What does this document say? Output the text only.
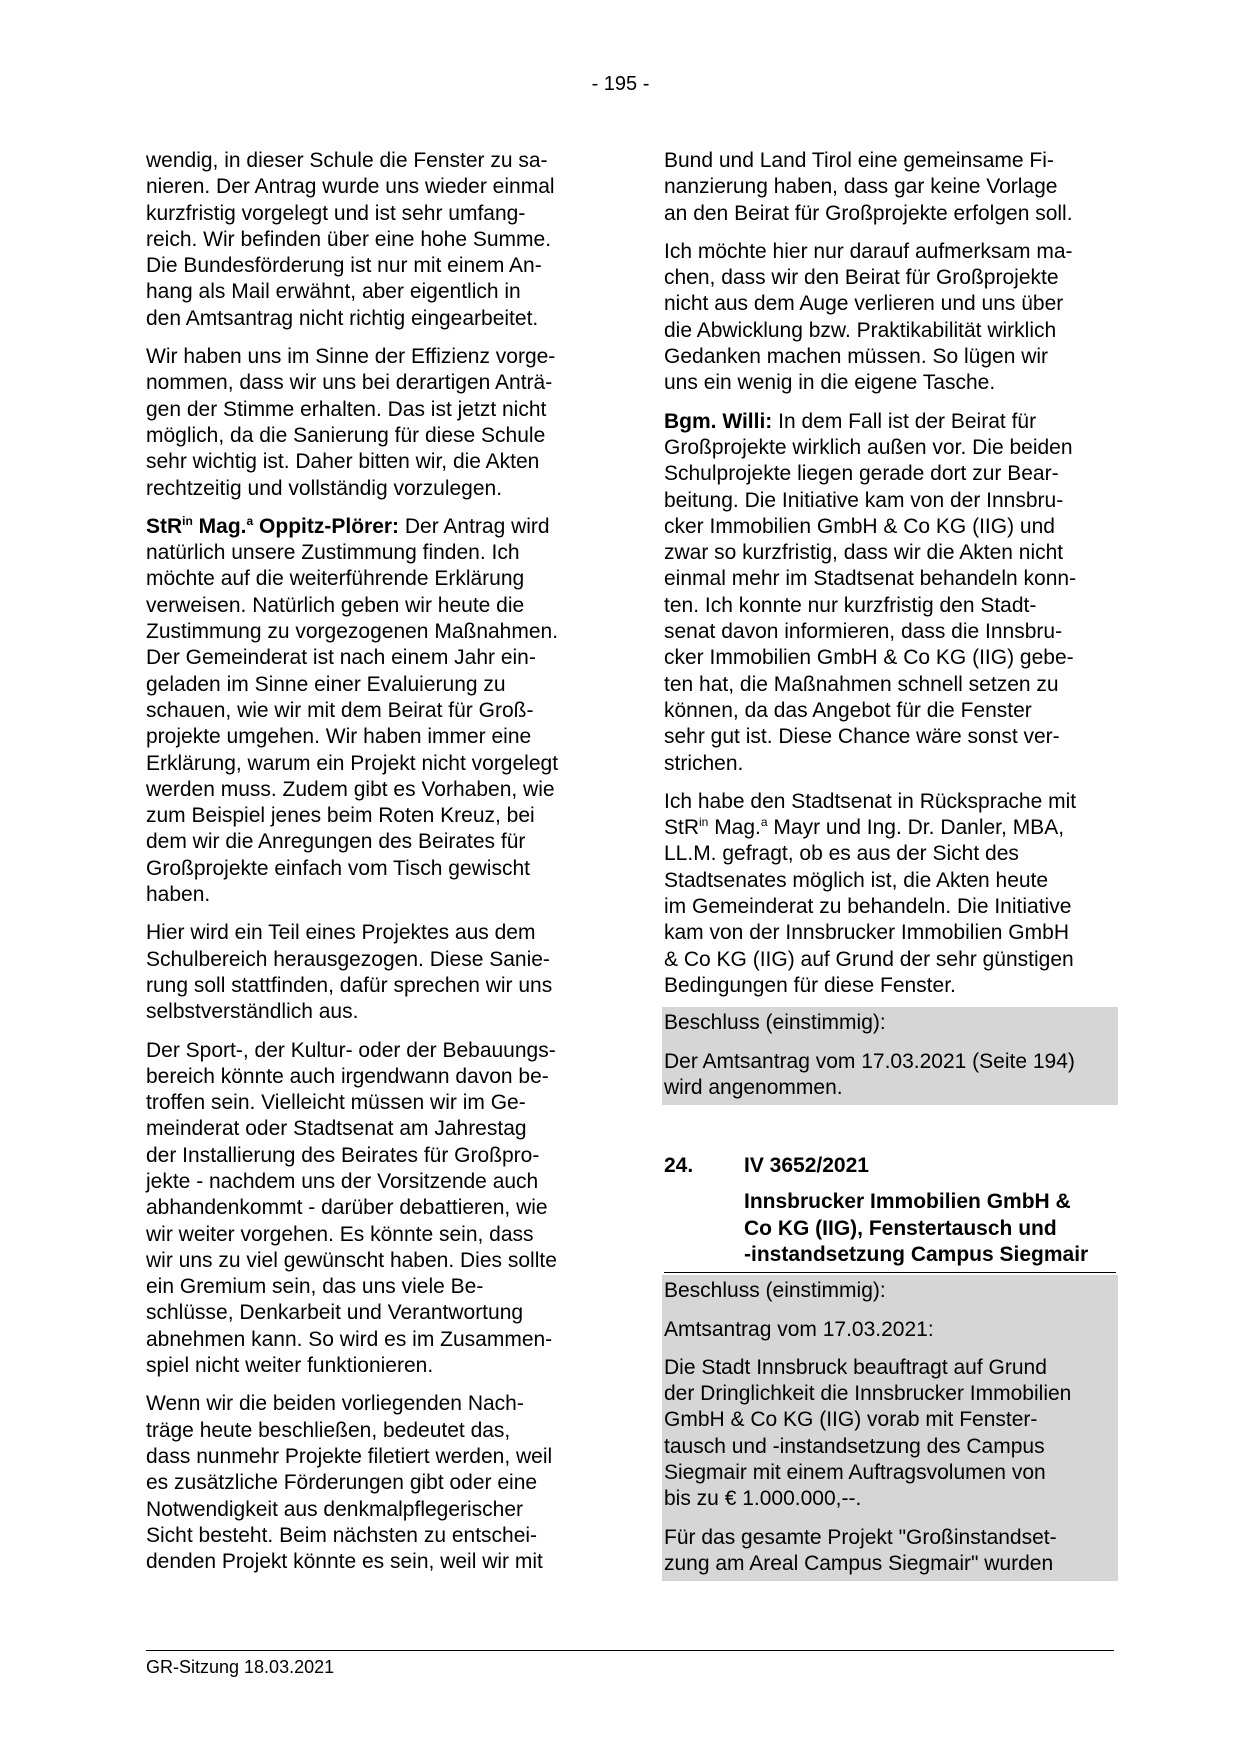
- 195 -

wendig, in dieser Schule die Fenster zu sa-
nieren. Der Antrag wurde uns wieder einmal
kurzfristig vorgelegt und ist sehr umfang-
reich. Wir befinden über eine hohe Summe.
Die Bundesförderung ist nur mit einem An-
hang als Mail erwähnt, aber eigentlich in
den Amtsantrag nicht richtig eingearbeitet.

Wir haben uns im Sinne der Effizienz vorge-
nommen, dass wir uns bei derartigen Anträ-
gen der Stimme erhalten. Das ist jetzt nicht
möglich, da die Sanierung für diese Schule
sehr wichtig ist. Daher bitten wir, die Akten
rechtzeitig und vollständig vorzulegen.

StR$^{in}$ Mag.$^a$ Oppitz-Plörer: Der Antrag wird
natürlich unsere Zustimmung finden. Ich
möchte auf die weiterführende Erklärung
verweisen. Natürlich geben wir heute die
Zustimmung zu vorgezogenen Maßnahmen.
Der Gemeinderat ist nach einem Jahr ein-
geladen im Sinne einer Evaluierung zu
schauen, wie wir mit dem Beirat für Groß-
projekte umgehen. Wir haben immer eine
Erklärung, warum ein Projekt nicht vorgelegt
werden muss. Zudem gibt es Vorhaben, wie
zum Beispiel jenes beim Roten Kreuz, bei
dem wir die Anregungen des Beirates für
Großprojekte einfach vom Tisch gewischt
haben.

Hier wird ein Teil eines Projektes aus dem
Schulbereich herausgezogen. Diese Sanie-
rung soll stattfinden, dafür sprechen wir uns
selbstverständlich aus.

Der Sport-, der Kultur- oder der Bebauungs-
bereich könnte auch irgendwann davon be-
troffen sein. Vielleicht müssen wir im Ge-
meinderat oder Stadtsenat am Jahrestag
der Installierung des Beirates für Großpro-
jekte - nachdem uns der Vorsitzende auch
abhandenkommt - darüber debattieren, wie
wir weiter vorgehen. Es könnte sein, dass
wir uns zu viel gewünscht haben. Dies sollte
ein Gremium sein, das uns viele Be-
schlüsse, Denkarbeit und Verantwortung
abnehmen kann. So wird es im Zusammen-
spiel nicht weiter funktionieren.

Wenn wir die beiden vorliegenden Nach-
träge heute beschließen, bedeutet das,
dass nunmehr Projekte filetiert werden, weil
es zusätzliche Förderungen gibt oder eine
Notwendigkeit aus denkmalpflegerischer
Sicht besteht. Beim nächsten zu entschei-
denden Projekt könnte es sein, weil wir mit

Bund und Land Tirol eine gemeinsame Fi-
nanzierung haben, dass gar keine Vorlage
an den Beirat für Großprojekte erfolgen soll.

Ich möchte hier nur darauf aufmerksam ma-
chen, dass wir den Beirat für Großprojekte
nicht aus dem Auge verlieren und uns über
die Abwicklung bzw. Praktikabilität wirklich
Gedanken machen müssen. So lügen wir
uns ein wenig in die eigene Tasche.

Bgm. Willi: In dem Fall ist der Beirat für
Großprojekte wirklich außen vor. Die beiden
Schulprojekte liegen gerade dort zur Bear-
beitung. Die Initiative kam von der Innsbru-
cker Immobilien GmbH & Co KG (IIG) und
zwar so kurzfristig, dass wir die Akten nicht
einmal mehr im Stadtsenat behandeln konn-
ten. Ich konnte nur kurzfristig den Stadt-
senat davon informieren, dass die Innsbru-
cker Immobilien GmbH & Co KG (IIG) gebe-
ten hat, die Maßnahmen schnell setzen zu
können, da das Angebot für die Fenster
sehr gut ist. Diese Chance wäre sonst ver-
strichen.

Ich habe den Stadtsenat in Rücksprache mit
StR$^{in}$ Mag.$^a$ Mayr und Ing. Dr. Danler, MBA,
LL.M. gefragt, ob es aus der Sicht des
Stadtsenates möglich ist, die Akten heute
im Gemeinderat zu behandeln. Die Initiative
kam von der Innsbrucker Immobilien GmbH
& Co KG (IIG) auf Grund der sehr günstigen
Bedingungen für diese Fenster.

Beschluss (einstimmig):

Der Amtsantrag vom 17.03.2021 (Seite 194)
wird angenommen.

24. IV 3652/2021
Innsbrucker Immobilien GmbH &
Co KG (IIG), Fenstertausch und
-instandsetzung Campus Siegmair

Beschluss (einstimmig):

Amtsantrag vom 17.03.2021:

Die Stadt Innsbruck beauftragt auf Grund
der Dringlichkeit die Innsbrucker Immobilien
GmbH & Co KG (IIG) vorab mit Fenster-
tausch und -instandsetzung des Campus
Siegmair mit einem Auftragsvolumen von
bis zu € 1.000.000,--.

Für das gesamte Projekt "Großinstandset-
zung am Areal Campus Siegmair" wurden

GR-Sitzung 18.03.2021
